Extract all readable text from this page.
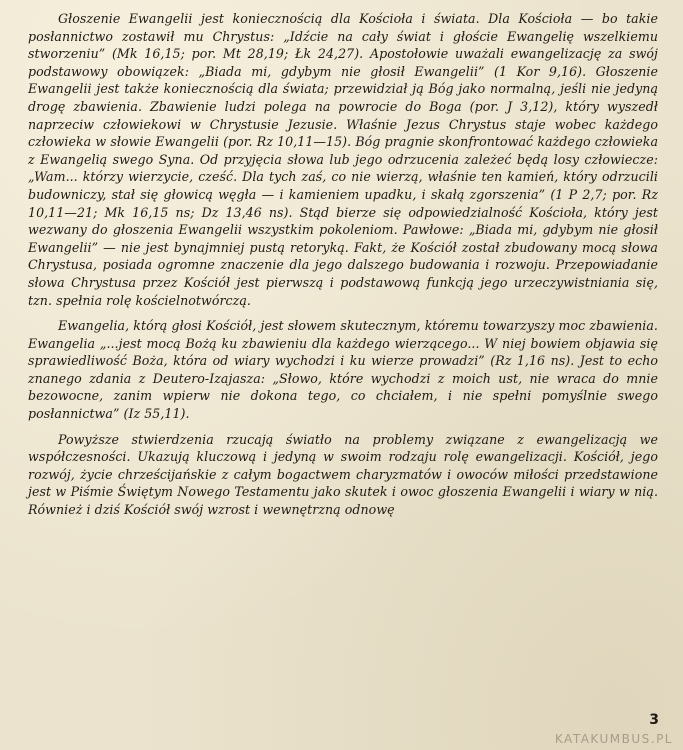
Głoszenie Ewangelii jest koniecznością dla Kościoła i świata. Dla Kościoła — bo takie posłannictwo zostawił mu Chrystus: „Idźcie na cały świat i głoście Ewangelię wszelkiemu stworzeniu” (Mk 16,15; por. Mt 28,19; Łk 24,27). Apostołowie uważali ewangelizację za swój podstawowy obowiązek: „Biada mi, gdybym nie głosił Ewangelii” (1 Kor 9,16). Głoszenie Ewangelii jest także koniecznością dla świata; przewidział ją Bóg jako normalną, jeśli nie jedyną drogę zbawienia. Zbawienie ludzi polega na powrocie do Boga (por. J 3,12), który wyszedł naprzeciw człowiekowi w Chrystusie Jezusie. Właśnie Jezus Chrystus staje wobec każdego człowieka w słowie Ewangelii (por. Rz 10,11—15). Bóg pragnie skonfrontować każdego człowieka z Ewangelią swego Syna. Od przyjęcia słowa lub jego odrzucenia zależeć będą losy człowiecze: „Wam... którzy wierzycie, cześć. Dla tych zaś, co nie wierzą, właśnie ten kamień, który odrzucili budowniczy, stał się głowicą węgła — i kamieniem upadku, i skałą zgorszenia” (1 P 2,7; por. Rz 10,11—21; Mk 16,15 ns; Dz 13,46 ns). Stąd bierze się odpowiedzialność Kościoła, który jest wezwany do głoszenia Ewangelii wszystkim pokoleniom. Pawłowe: „Biada mi, gdybym nie głosił Ewangelii” — nie jest bynajmniej pustą retoryką. Fakt, że Kościół został zbudowany mocą słowa Chrystusa, posiada ogromne znaczenie dla jego dalszego budowania i rozwoju. Przepowiadanie słowa Chrystusa przez Kościół jest pierwszą i podstawową funkcją jego urzeczywistniania się, tzn. spełnia rolę kościelnotwórczą.

Ewangelia, którą głosi Kościół, jest słowem skutecznym, któremu towarzyszy moc zbawienia. Ewangelia „...jest mocą Bożą ku zbawieniu dla każdego wierzącego... W niej bowiem objawia się sprawiedliwość Boża, która od wiary wychodzi i ku wierze prowadzi” (Rz 1,16 ns). Jest to echo znanego zdania z Deutero-Izajasza: „Słowo, które wychodzi z moich ust, nie wraca do mnie bezowocne, zanim wpierw nie dokona tego, co chciałem, i nie spełni pomyślnie swego posłannictwa” (Iz 55,11).

Powyższe stwierdzenia rzucają światło na problemy związane z ewangelizacją we współczesności. Ukazują kluczową i jedyną w swoim rodzaju rolę ewangelizacji. Kościół, jego rozwój, życie chrześcijańskie z całym bogactwem charyzmatów i owoców miłości przedstawione jest w Piśmie Świętym Nowego Testamentu jako skutek i owoc głoszenia Ewangelii i wiary w nią. Również i dziś Kościół swój wzrost i wewnętrzną odnowę

3
KATAKUMBUS.PL
